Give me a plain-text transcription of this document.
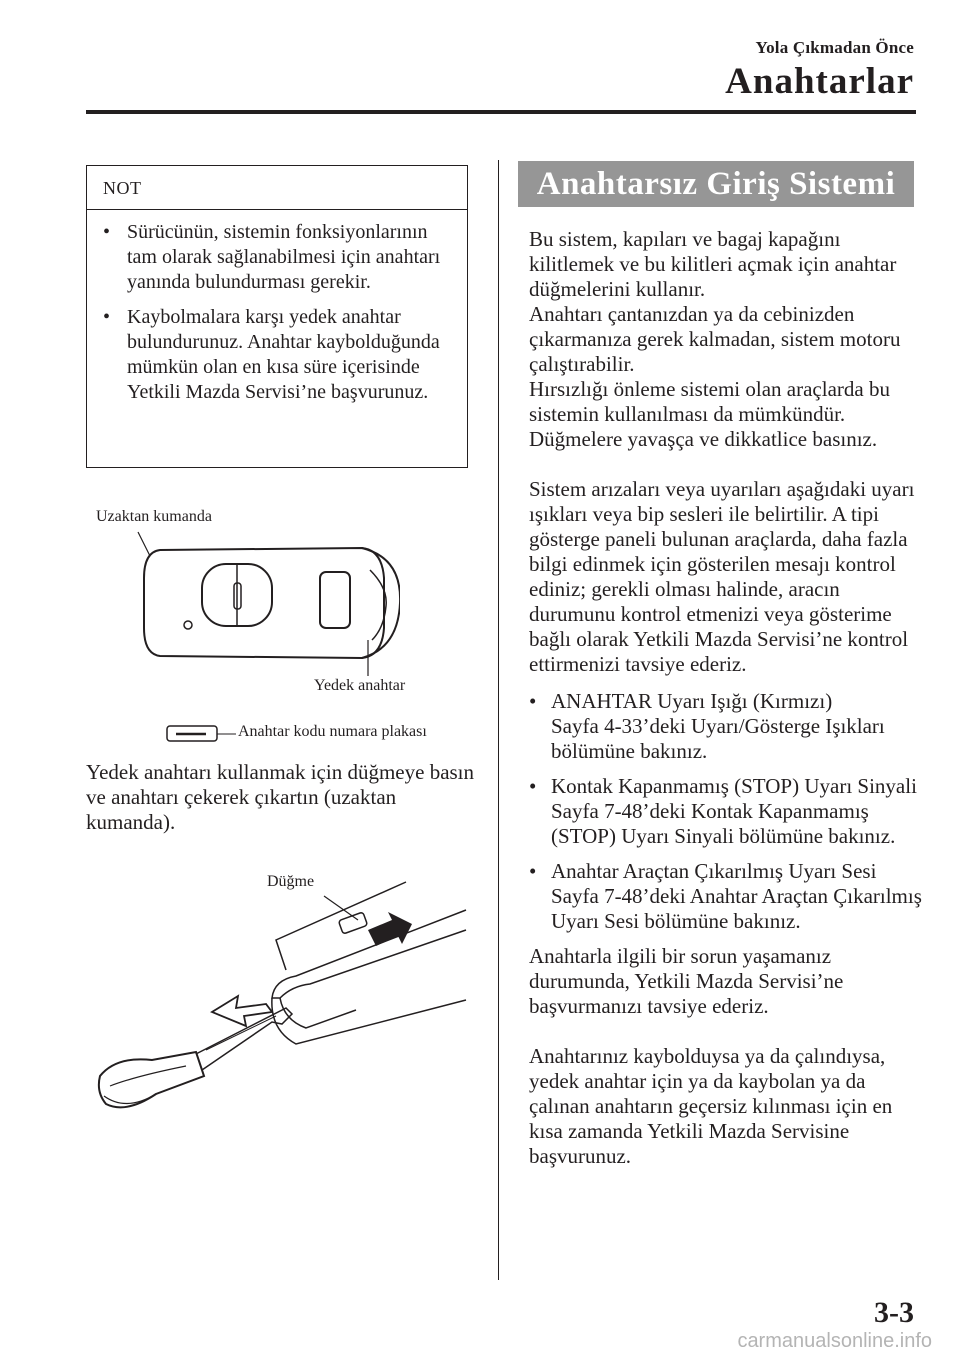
Yola Çıkmadan Önce
Anahtarlar
NOT
• Sürücünün, sistemin fonksiyonlarının tam olarak sağlanabilmesi için anahtarı yanında bulundurması gerekir.
• Kaybolmalara karşı yedek anahtar bulundurunuz. Anahtar kaybolduğunda mümkün olan en kısa süre içerisinde Yetkili Mazda Servisi’ne başvurunuz.
Uzaktan kumanda
Yedek anahtar
Anahtar kodu numara plakası

Yedek anahtarı kullanmak için düğmeye basın ve anahtarı çekerek çıkartın (uzaktan kumanda).

Düğme
Anahtarsız Giriş Sistemi

Bu sistem, kapıları ve bagaj kapağını kilitlemek ve bu kilitleri açmak için anahtar düğmelerini kullanır.

Anahtarı çantanızdan ya da cebinizden çıkarmanıza gerek kalmadan, sistem motoru çalıştırabilir.

Hırsızlığı önleme sistemi olan araçlarda bu sistemin kullanılması da mümkündür.

Düğmelere yavaşça ve dikkatlice basınız.

Sistem arızaları veya uyarıları aşağıdaki uyarı ışıkları veya bip sesleri ile belirtilir. A tipi gösterge paneli bulunan araçlarda, daha fazla bilgi edinmek için gösterilen mesajı kontrol ediniz; gerekli olması halinde, aracın durumunu kontrol etmenizi veya gösterime bağlı olarak Yetkili Mazda Servisi’ne kontrol ettirmenizi tavsiye ederiz.

• ANAHTAR Uyarı Işığı (Kırmızı)
Sayfa 4-33’deki Uyarı/Gösterge Işıkları bölümüne bakınız.
• Kontak Kapanmamış (STOP) Uyarı Sinyali
Sayfa 7-48’deki Kontak Kapanmamış (STOP) Uyarı Sinyali bölümüne bakınız.
• Anahtar Araçtan Çıkarılmış Uyarı Sesi
Sayfa 7-48’deki Anahtar Araçtan Çıkarılmış Uyarı Sesi bölümüne bakınız.

Anahtarla ilgili bir sorun yaşamanız durumunda, Yetkili Mazda Servisi’ne başvurmanızı tavsiye ederiz.

Anahtarınız kaybolduysa ya da çalındıysa, yedek anahtar için ya da kaybolan ya da çalınan anahtarın geçersiz kılınması için en kısa zamanda Yetkili Mazda Servisine başvurunuz.

3-3
carmanualsonline.info
